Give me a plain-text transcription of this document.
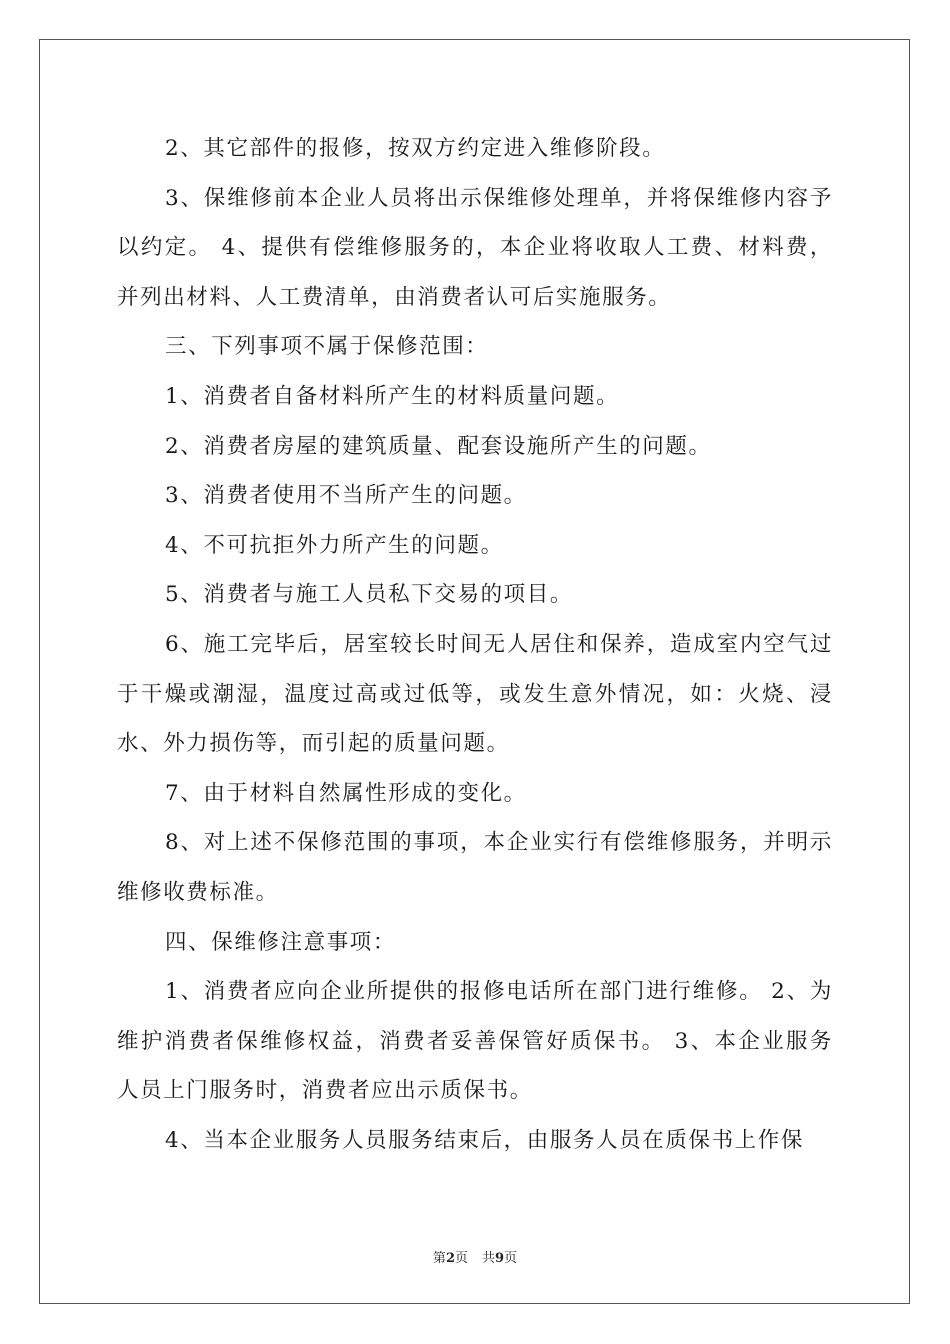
2、其它部件的报修，按双方约定进入维修阶段。

3、保维修前本企业人员将出示保维修处理单，并将保维修内容予以约定。 4、提供有偿维修服务的，本企业将收取人工费、材料费，并列出材料、人工费清单，由消费者认可后实施服务。

三、下列事项不属于保修范围：

1、消费者自备材料所产生的材料质量问题。

2、消费者房屋的建筑质量、配套设施所产生的问题。

3、消费者使用不当所产生的问题。

4、不可抗拒外力所产生的问题。

5、消费者与施工人员私下交易的项目。

6、施工完毕后，居室较长时间无人居住和保养，造成室内空气过于干燥或潮湿，温度过高或过低等，或发生意外情况，如：火烧、浸水、外力损伤等，而引起的质量问题。

7、由于材料自然属性形成的变化。

8、对上述不保修范围的事项，本企业实行有偿维修服务，并明示维修收费标准。

四、保维修注意事项：

1、消费者应向企业所提供的报修电话所在部门进行维修。 2、为维护消费者保维修权益，消费者妥善保管好质保书。 3、本企业服务人员上门服务时，消费者应出示质保书。

4、当本企业服务人员服务结束后，由服务人员在质保书上作保

第2页 共9页
